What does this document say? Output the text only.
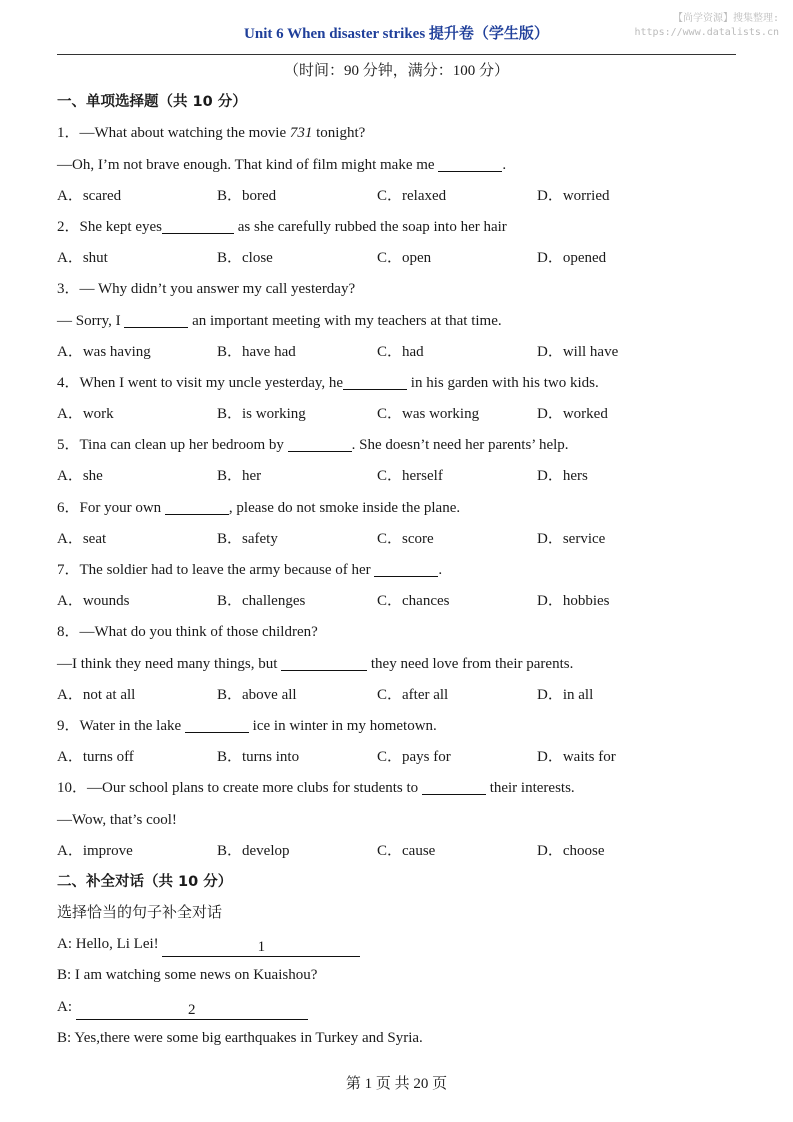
Unit 6 When disaster strikes 提升卷（学生版）
【尚学资源】搜集整理:
https://www.datalists.cn
（时间：90 分钟，满分：100 分）
一、单项选择题（共 10 分）
1．—What about watching the movie 731 tonight?
—Oh, I’m not brave enough. That kind of film might make me	.
A．scared	B．bored	C．relaxed	D．worried
2．She kept eyes	as she carefully rubbed the soap into her hair
A．shut	B．close	C．open	D．opened
3．— Why didn’t you answer my call yesterday?
— Sorry, I	an important meeting with my teachers at that time.
A．was having	B．have had	C．had	D．will have
4．When I went to visit my uncle yesterday, he	in his garden with his two kids.
A．work	B．is working	C．was working	D．worked
5．Tina can clean up her bedroom by	. She doesn’t need her parents’ help.
A．she	B．her	C．herself	D．hers
6．For your own	, please do not smoke inside the plane.
A．seat	B．safety	C．score	D．service
7．The soldier had to leave the army because of her	.
A．wounds	B．challenges	C．chances	D．hobbies
8．—What do you think of those children?
—I think they need many things, but	they need love from their parents.
A．not at all	B．above all	C．after all	D．in all
9．Water in the lake	ice in winter in my hometown.
A．turns off	B．turns into	C．pays for	D．waits for
10．—Our school plans to create more clubs for students to	their interests.
—Wow, that’s cool!
A．improve	B．develop	C．cause	D．choose
二、补全对话（共 10 分）
选择恰当的句子补全对话
A: Hello, Li Lei!	1
B: I am watching some news on Kuaishou?
A:	2
B: Yes,there were some big earthquakes in Turkey and Syria.
第 1 页 共 20 页
